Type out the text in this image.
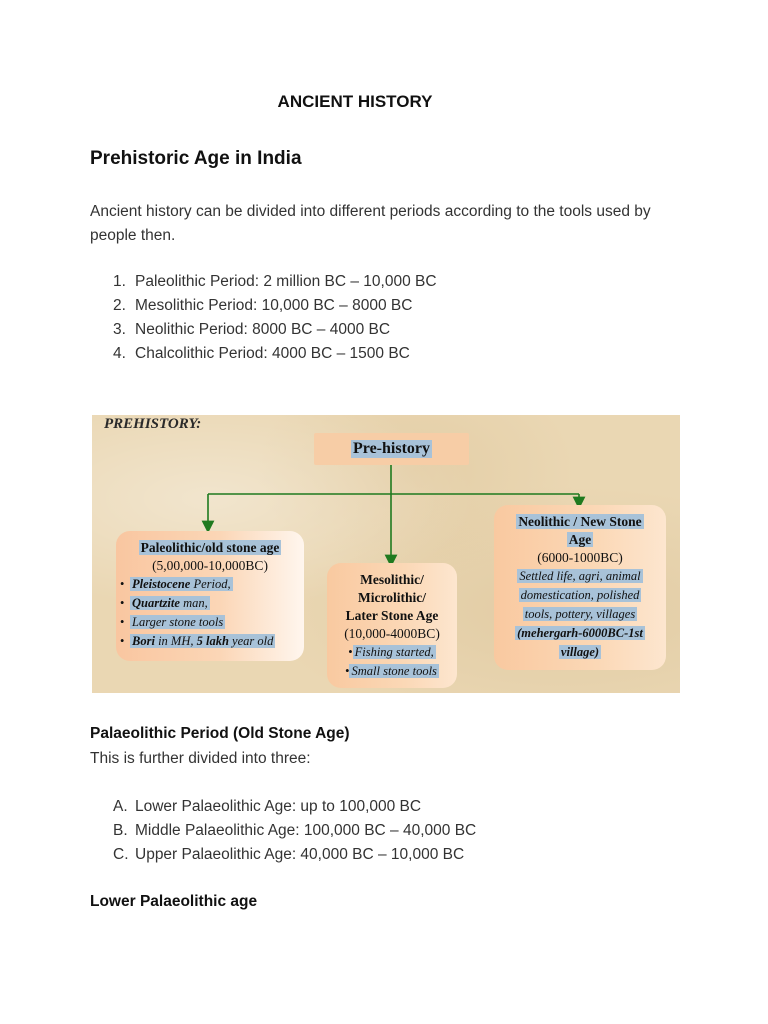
ANCIENT HISTORY
Prehistoric Age in India
Ancient history can be divided into different periods according to the tools used by people then.
1. Paleolithic Period: 2 million BC – 10,000 BC
2. Mesolithic Period: 10,000 BC – 8000 BC
3. Neolithic Period: 8000 BC – 4000 BC
4. Chalcolithic Period: 4000 BC – 1500 BC
PREHISTORY:
Pre-history
Paleolithic/old stone age
(5,00,000-10,000BC)
• Pleistocene Period,
• Quartzite man,
• Larger stone tools
• Bori in MH, 5 lakh year old
Mesolithic/
Microlithic/
Later Stone Age
(10,000-4000BC)
• Fishing started,
• Small stone tools
Neolithic / New Stone
Age
(6000-1000BC)
Settled life, agri, animal
domestication, polished
tools, pottery, villages
(mehergarh-6000BC-1st
village)
Palaeolithic Period (Old Stone Age)
This is further divided into three:
A. Lower Palaeolithic Age: up to 100,000 BC
B. Middle Palaeolithic Age: 100,000 BC – 40,000 BC
C. Upper Palaeolithic Age: 40,000 BC – 10,000 BC
Lower Palaeolithic age
